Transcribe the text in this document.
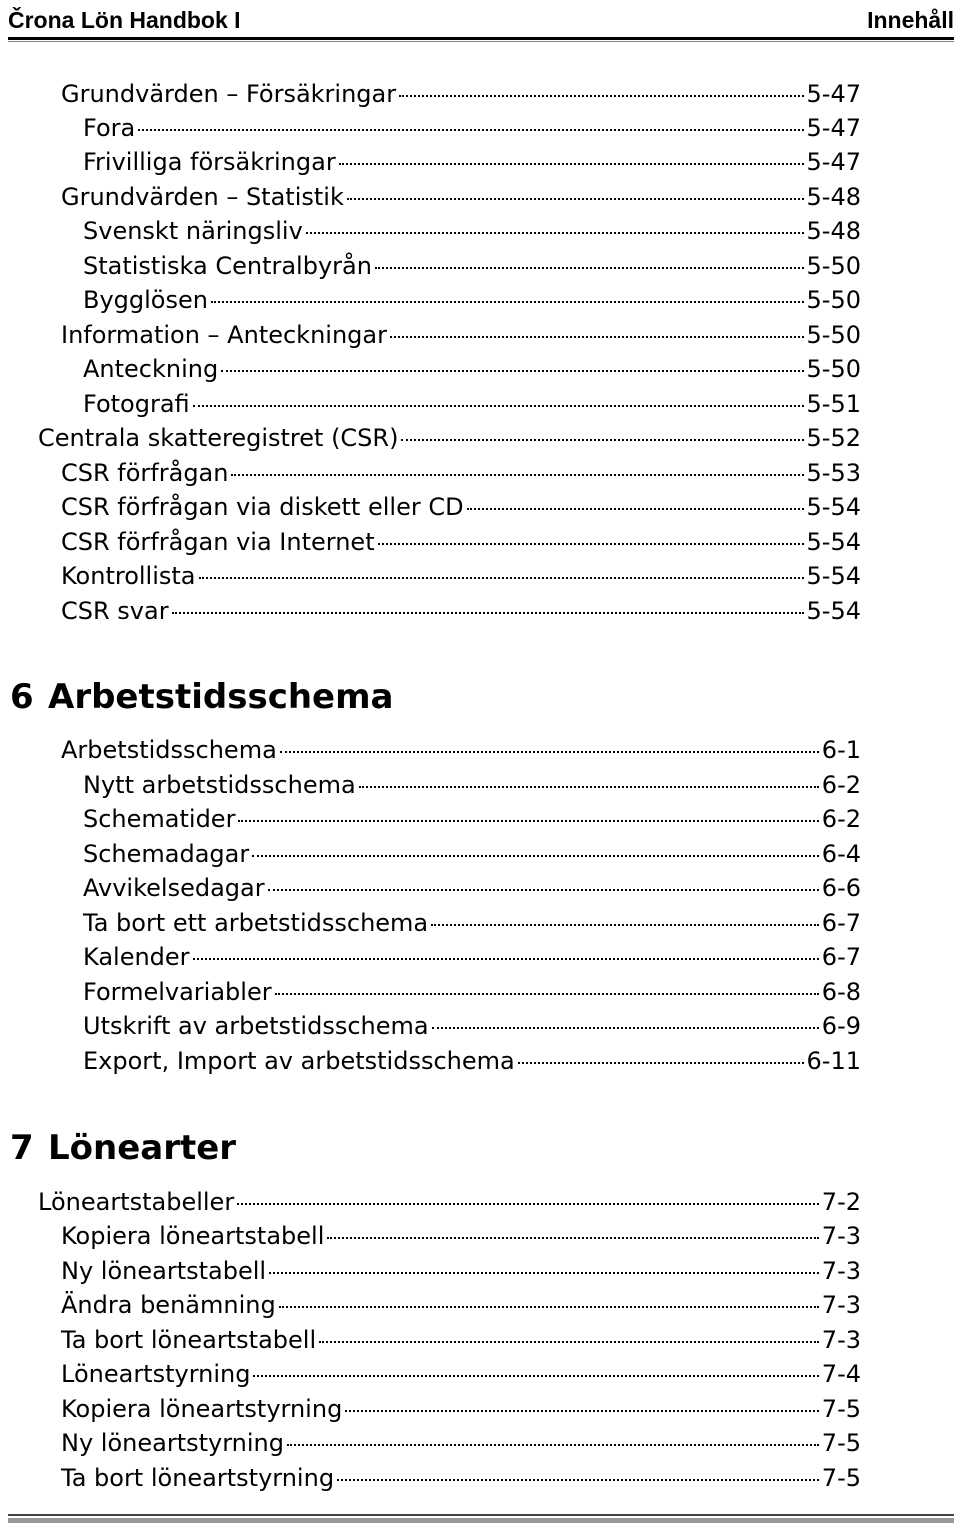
Črona Lön Handbok I	Innehåll
Grundvärden – Försäkringar	5-47
Fora	5-47
Frivilliga försäkringar	5-47
Grundvärden – Statistik	5-48
Svenskt näringsliv	5-48
Statistiska Centralbyrån	5-50
Bygglösen	5-50
Information – Anteckningar	5-50
Anteckning	5-50
Fotografi	5-51
Centrala skatteregistret (CSR)	5-52
CSR förfrågan	5-53
CSR förfrågan via diskett eller CD	5-54
CSR förfrågan via Internet	5-54
Kontrollista	5-54
CSR svar	5-54
6 Arbetstidsschema
Arbetstidsschema	6-1
Nytt arbetstidsschema	6-2
Schematider	6-2
Schemadagar	6-4
Avvikelsedagar	6-6
Ta bort ett arbetstidsschema	6-7
Kalender	6-7
Formelvariabler	6-8
Utskrift av arbetstidsschema	6-9
Export, Import av arbetstidsschema	6-11
7 Lönearter
Löneartstabeller	7-2
Kopiera löneartstabell	7-3
Ny löneartstabell	7-3
Ändra benämning	7-3
Ta bort löneartstabell	7-3
Löneartstyrning	7-4
Kopiera löneartstyrning	7-5
Ny löneartstyrning	7-5
Ta bort löneartstyrning	7-5
